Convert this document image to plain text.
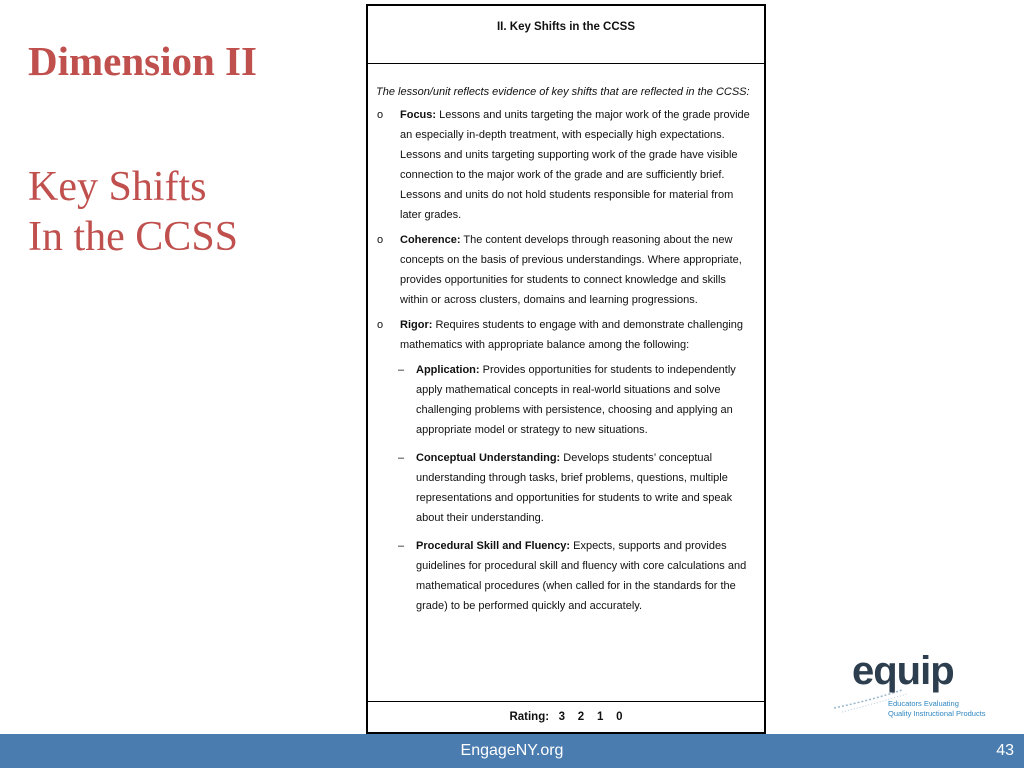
Dimension II
Key Shifts
In the CCSS
II. Key Shifts in the CCSS

The lesson/unit reflects evidence of key shifts that are reflected in the CCSS:

o Focus: Lessons and units targeting the major work of the grade provide an especially in-depth treatment, with especially high expectations. Lessons and units targeting supporting work of the grade have visible connection to the major work of the grade and are sufficiently brief. Lessons and units do not hold students responsible for material from later grades.
o Coherence: The content develops through reasoning about the new concepts on the basis of previous understandings. Where appropriate, provides opportunities for students to connect knowledge and skills within or across clusters, domains and learning progressions.
o Rigor: Requires students to engage with and demonstrate challenging mathematics with appropriate balance among the following:
– Application: Provides opportunities for students to independently apply mathematical concepts in real-world situations and solve challenging problems with persistence, choosing and applying an appropriate model or strategy to new situations.
– Conceptual Understanding: Develops students’ conceptual understanding through tasks, brief problems, questions, multiple representations and opportunities for students to write and speak about their understanding.
– Procedural Skill and Fluency: Expects, supports and provides guidelines for procedural skill and fluency with core calculations and mathematical procedures (when called for in the standards for the grade) to be performed quickly and accurately.
Rating:   3    2    1    0
equip
Educators Evaluating
Quality Instructional Products
EngageNY.org	43
